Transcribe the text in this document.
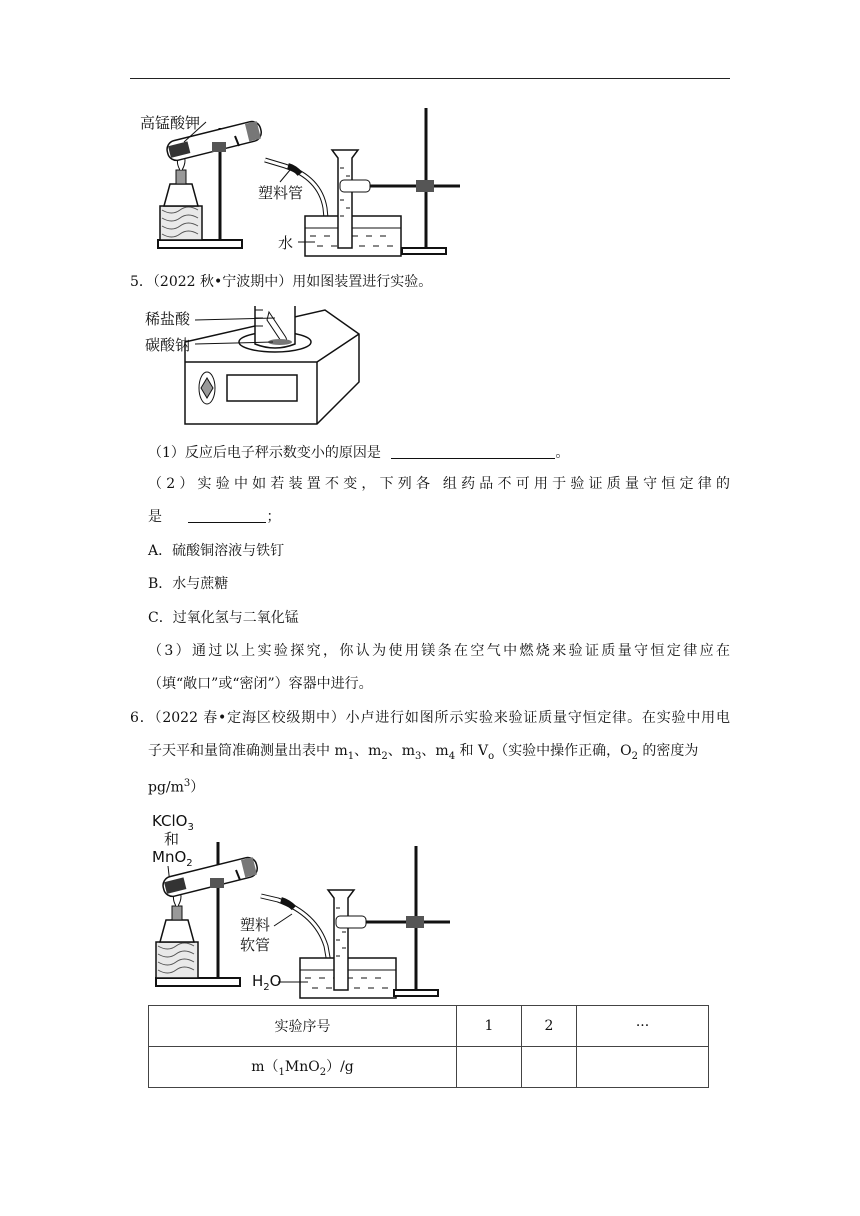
高锰酸钾
塑料管
水
5．（2022 秋•宁波期中）用如图装置进行实验。
稀盐酸
碳酸钠
（1）反应后电子秤示数变小的原因是	。
（2）实验中如若装置不变，下列各 组药品不可用于验证质量守恒定律的
是	；
A．硫酸铜溶液与铁钉
B．水与蔗糖
C．过氧化氢与二氧化锰
（3）通过以上实验探究，你认为使用镁条在空气中燃烧来验证质量守恒定律应在
（填“敞口”或“密闭”）容器中进行。
6．（2022 春•定海区校级期中）小卢进行如图所示实验来验证质量守恒定律。在实验中用电
子天平和量筒准确测量出表中 $m_1$、$m_2$、$m_3$、$m_4$ 和 $V_o$（实验中操作正确，$O_2$ 的密度为
$pg/m^3$）
KClO$_3$
和
MnO$_2$
塑料
软管
$H_2O$
实验序号	1	2	···
$m(_1MnO_2)/g$			
